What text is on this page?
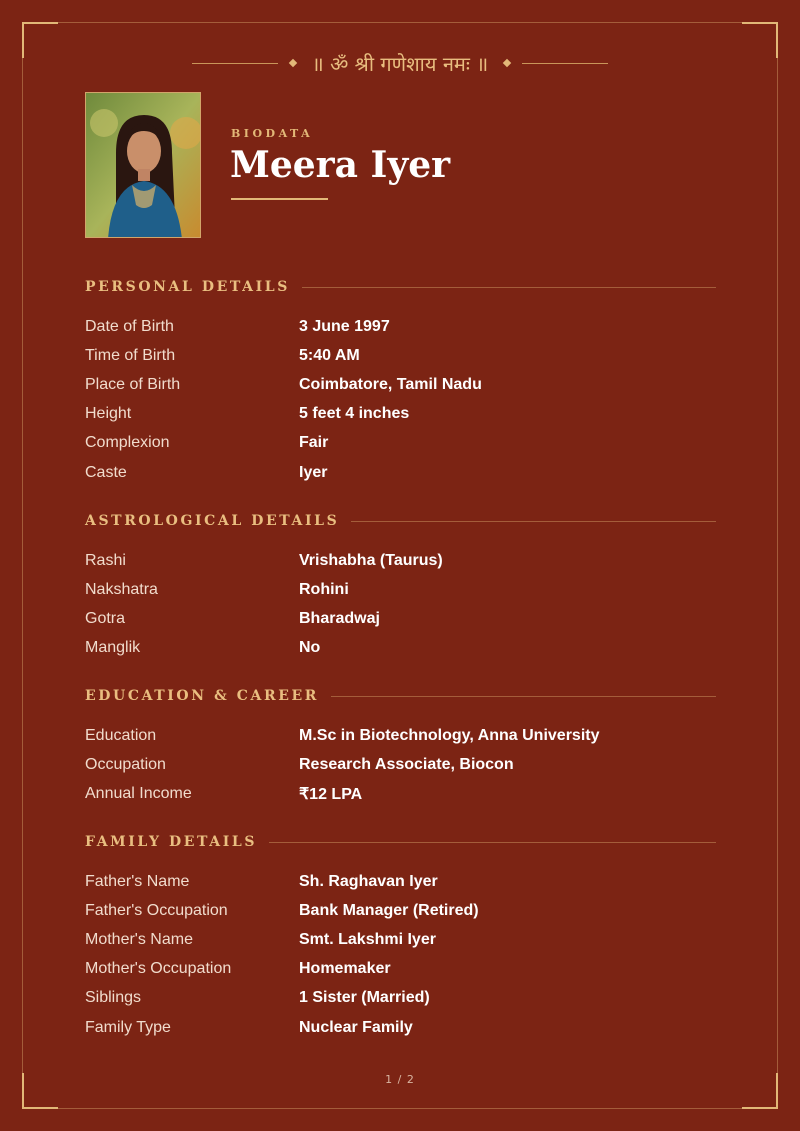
॥ ॐ श्री गणेशाय नमः ॥
BIODATA
Meera Iyer
PERSONAL DETAILS
Date of Birth	3 June 1997
Time of Birth	5:40 AM
Place of Birth	Coimbatore, Tamil Nadu
Height	5 feet 4 inches
Complexion	Fair
Caste	Iyer
ASTROLOGICAL DETAILS
Rashi	Vrishabha (Taurus)
Nakshatra	Rohini
Gotra	Bharadwaj
Manglik	No
EDUCATION & CAREER
Education	M.Sc in Biotechnology, Anna University
Occupation	Research Associate, Biocon
Annual Income	₹12 LPA
FAMILY DETAILS
Father's Name	Sh. Raghavan Iyer
Father's Occupation	Bank Manager (Retired)
Mother's Name	Smt. Lakshmi Iyer
Mother's Occupation	Homemaker
Siblings	1 Sister (Married)
Family Type	Nuclear Family
1 / 2
